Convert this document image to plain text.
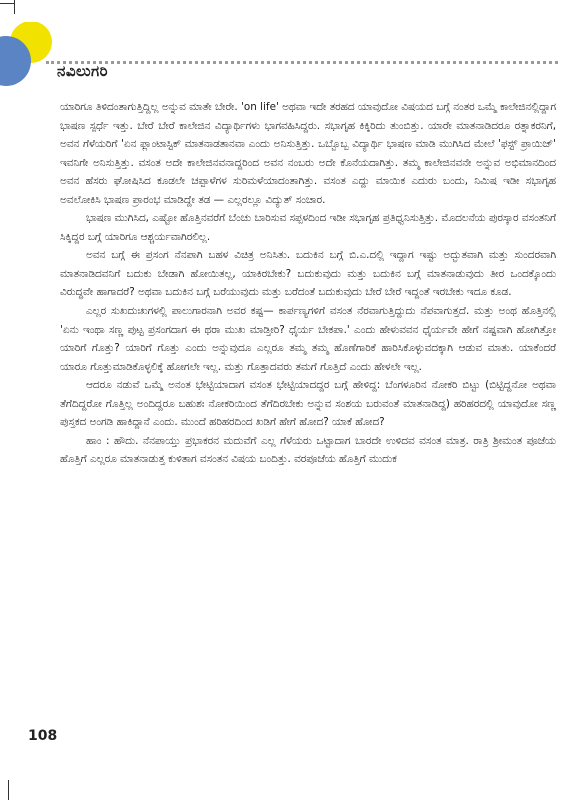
ನವಿಲುಗರಿ

ಯಾರಿಗೂ ತಿಳಿದಂತಾಗುತ್ತಿದ್ದಿಲ್ಲ ಅನ್ನುವ ಮಾತೇ ಬೇರೇ. 'on life' ಅಥವಾ ಇದೇ ತರಹದ ಯಾವುದೋ ವಿಷಯದ ಬಗ್ಗೆ ನಂತರ ಒಮ್ಮೆ ಕಾಲೇಜಿನಲ್ಲಿದ್ದಾಗ ಭಾಷಣ ಸ್ಪರ್ಧೆ ಇತ್ತು. ಬೇರೆ ಬೇರೆ ಕಾಲೇಜಿನ ವಿದ್ಯಾರ್ಥಿಗಳು ಭಾಗವಹಿಸಿದ್ದರು. ಸಭಾಗೃಹ ಕಿಕ್ಕಿರಿದು ತುಂಬಿತ್ತು. ಯಾರೇ ಮಾತನಾಡಿದರೂ ರತ್ನಾಕರನಿಗೆ, ಅವನ ಗೆಳೆಯರಿಗೆ 'ಏನ ಫ್ಲಾಂಟಾಸ್ಟಿಕ್ ಮಾತನಾಡತಾನವಾ ಎಂದು ಅನಿಸುತ್ತಿತ್ತು. ಒಬ್ಬೊಬ್ಬ ವಿದ್ಯಾರ್ಥಿ ಭಾಷಣ ಮಾಡಿ ಮುಗಿಸಿದ ಮೇಲೆ 'ಫಸ್ಟ್ ಪ್ರಾಯಿಜ್' ಇವನಿಗೇ ಅನಿಸುತ್ತಿತ್ತು. ವಸಂತ ಅದೇ ಕಾಲೇಜಿನವನಾದ್ದರಿಂದ ಅವನ ನಂಬರು ಅದೇ ಕೊನೆಯದಾಗಿತ್ತು. ತಮ್ಮ ಕಾಲೇಜಿನವನೇ ಅನ್ನುವ ಅಭಿಮಾನದಿಂದ ಅವನ ಹೆಸರು ಘೋಷಿಸಿದ ಕೂಡಲೇ ಚಪ್ಪಾಳೆಗಳ ಸುರಿಮಳೆಯಾದಂತಾಗಿತ್ತು. ವಸಂತ ಎದ್ದು ಮಾಯಿಕ ಎದುರು ಬಂದು, ನಿಮಿಷ ಇಡೀ ಸಭಾಗೃಹ ಅವಲೋಕಿಸಿ ಭಾಷಣ ಪ್ರಾರಂಭ ಮಾಡಿದ್ದೇ ತಡ — ಎಲ್ಲರಲ್ಲೂ ವಿದ್ಯುತ್ ಸಂಚಾರ.

ಭಾಷಣ ಮುಗಿಸಿದ, ಎಷ್ಟೋ ಹೊತ್ತಿನವರೆಗೆ ಬೆಂಚು ಬಾರಿಸುವ ಸಪ್ಪಳದಿಂದ ಇಡೀ ಸಭಾಗೃಹ ಪ್ರತಿಧ್ವನಿಸುತ್ತಿತ್ತು. ಮೊದಲನೆಯ ಪುರಸ್ಕಾರ ವಸಂತನಿಗೆ ಸಿಕ್ಕಿದ್ದರ ಬಗ್ಗೆ ಯಾರಿಗೂ ಆಶ್ಚರ್ಯವಾಗಿರಲಿಲ್ಲ.

ಅವನ ಬಗ್ಗೆ ಈ ಪ್ರಸಂಗ ನೆನಪಾಗಿ ಬಹಳ ವಿಚಿತ್ರ ಅನಿಸಿತು. ಬದುಕಿನ ಬಗ್ಗೆ ಬಿ.ಎ.ದಲ್ಲಿ ಇದ್ದಾಗ ಇಷ್ಟು ಅದ್ಭುತವಾಗಿ ಮತ್ತು ಸುಂದರವಾಗಿ ಮಾತನಾಡಿದವನಿಗೆ ಬದುಕು ಬೇಡಾಗಿ ಹೋಯಿತಲ್ಲ, ಯಾಕಿರಬೇಕು? ಬದುಕುವುದು ಮತ್ತು ಬದುಕಿನ ಬಗ್ಗೆ ಮಾತನಾಡುವುದು ತೀರ ಒಂದಕ್ಕೊಂದು ವಿರುದ್ಧವೇ ಹಾಗಾದರೆ? ಅಥವಾ ಬದುಕಿನ ಬಗ್ಗೆ ಬರೆಯುವುದು ಮತ್ತು ಬರೆದಂತೆ ಬದುಕುವುದು ಬೇರೆ ಬೇರೆ ಇದ್ದಂತೆ ಇರಬೇಕು ಇದೂ ಕೂಡ.

ಎಲ್ಲರ ಸುಖದುಃಖಗಳಲ್ಲಿ ಪಾಲುಗಾರನಾಗಿ ಅವರ ಕಷ್ಟ— ಕಾರ್ಪಣ್ಯಗಳಿಗೆ ವಸಂತ ನೆರವಾಗುತ್ತಿದ್ದುದು ನೆಪವಾಗುತ್ತದೆ. ಮತ್ತು ಅಂಥ ಹೊತ್ತಿನಲ್ಲಿ 'ಏನು ಇಂಥಾ ಸಣ್ಣ ಪುಟ್ಟ ಪ್ರಸಂಗದಾಗ ಈ ಥರಾ ಮುಖ ಮಾಡ್ತೀರಿ? ಧೈರ್ಯ ಬೇಕಪಾ.' ಎಂದು ಹೇಳುವವನ ಧೈರ್ಯವೇ ಹೇಗೆ ನಷ್ಟವಾಗಿ ಹೋಗಿತ್ತೋ ಯಾರಿಗೆ ಗೊತ್ತು? ಯಾರಿಗೆ ಗೊತ್ತು ಎಂದು ಅನ್ನುವುದೂ ಎಲ್ಲರೂ ತಮ್ಮ ತಮ್ಮ ಹೊಣೆಗಾರಿಕೆ ಹಾರಿಸಿಕೊಳ್ಳುವದಕ್ಕಾಗಿ ಆಡುವ ಮಾತು. ಯಾಕೆಂದರೆ ಯಾರೂ ಗೊತ್ತುಮಾಡಿಕೊಳ್ಳಲಿಕ್ಕೆ ಹೋಗಲೇ ಇಲ್ಲ. ಮತ್ತು ಗೊತ್ತಾದವರು ತಮಗೆ ಗೊತ್ತಿದೆ ಎಂದು ಹೇಳಲೇ ಇಲ್ಲ.

ಆದರೂ ನಡುವೆ ಒಮ್ಮೆ ಅನಂತ ಭೇಟ್ಟಿಯಾದಾಗ ವಸಂತ ಭೇಟ್ಟಿಯಾದದ್ದರ ಬಗ್ಗೆ ಹೇಳಿದ್ದ: ಬೆಂಗಳೂರಿನ ನೋಕರಿ ಬಿಟ್ಟು (ಬಿಟ್ಟಿದ್ದನೋ ಅಥವಾ ತೆಗೆದಿದ್ದರೋ ಗೊತ್ತಿಲ್ಲ ಅಂದಿದ್ದರೂ ಬಹುಶಃ ನೋಕರಿಯಿಂದ ತೆಗೆದಿರಬೇಕು ಅನ್ನುವ ಸಂಶಯ ಬರುವಂತೆ ಮಾತನಾಡಿದ್ದ) ಹರಿಹರದಲ್ಲಿ ಯಾವುದೋ ಸಣ್ಣ ಪುಸ್ತಕದ ಅಂಗಡಿ ಹಾಕಿದ್ದಾನೆ ಎಂದು. ಮುಂದೆ ಹರಿಹರದಿಂದ ಖಡಿಗೆ ಹೇಗೆ ಹೋದ? ಯಾಕೆ ಹೋದ?

ಹಾಂ : ಹೌದು. ನೆನಪಾಯ್ತು ಪ್ರಭಾಕರನ ಮದುವೆಗೆ ಎಲ್ಲ ಗೆಳೆಯರು ಒಟ್ಟಾದಾಗ ಬಾರದೇ ಉಳಿದವ ವಸಂತ ಮಾತ್ರ. ರಾತ್ರಿ ಶ್ರೀಮಂತ ಪೂಜೆಯ ಹೊತ್ತಿಗೆ ಎಲ್ಲರೂ ಮಾತನಾಡುತ್ತ ಕುಳಿತಾಗ ವಸಂತನ ವಿಷಯ ಬಂದಿತ್ತು. ವರಪೂಜೆಯ ಹೊತ್ತಿಗೆ ಮುದುಕ

108
